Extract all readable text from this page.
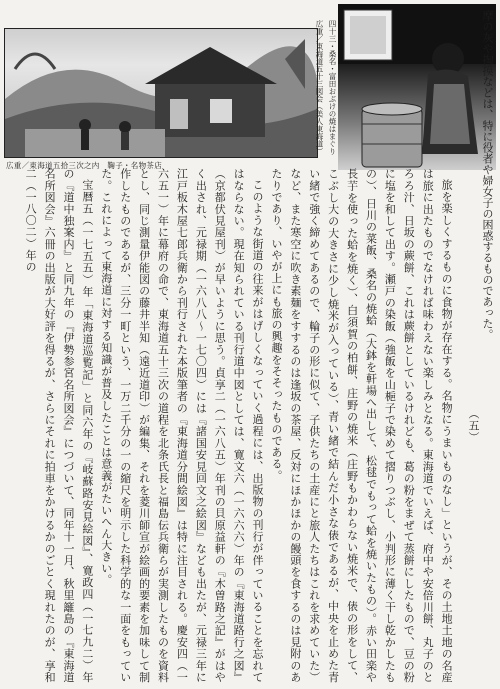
広重／東海道五拾三次之内　鞠子・名物茶店
広重／東海道五十三図会（美人東海道） 四十三・桑名・富田おぶけの焼はまぐり	摩の灰や掏摸などは、特に役者や婦女子の困惑するものであった。

（五）

旅を楽しくするものに食物が存在する。名物にうまいものなし」というが、その土地土地の名産は旅に出たものでなければ味わえない楽しみとなる。東海道でいえば、府中や安倍川餅、丸子のとろろ汁、日坂の蕨餅、これは蕨餅としているけれども、葛の粉をまぜて蒸餅にしたもので、豆の粉に塩を和して出す。瀬戸の染飯（強飯を山梔子で染めて摺りつぶし、小判形に薄く干し乾かしたもの）、日川の菜飯、桑名の焼蛤（大鉢を軒場へ出して、松毬でもって蛤を焼いたもの）。赤い田楽や長芋を使った蛤を焼く）、白須賀の柏餅、庄野の焼米（庄野もかわらない焼米で、俵の形をして、こぶし大の大きさに少し焼米が入っている）、青い緒で結んだ小さな俵であるが、中央を止めた青い緒で強く締めてあるので、輪子の形に似て、子供たちの土産にと旅人たちはこれを求めていた）など、また寒空に吹き素麺をすするのは逢坂の茶屋、反対にほかほかの饅頭を食するのは見附のあたりであり、いやが上にも旅の興趣をそそったものである。

このような街道の往来がはげしくなっていく過程には、出版物の刊行が伴っていることを忘れてはならない。現在知られている刊行道中図としては、寛文六（一六六六）年の『東海道路行之図』（京都伏見屋刊）が早いように思う。貞享二（一六八五）年刊の貝原益軒の『木曽路之記』がはやく出され、元禄期（一六八八～一七〇四）には『諸国安見回文之絵図』なども出たが、元禄三年に江戸板木屋七郎兵衛から刊行された本版筆者の『東海道分間絵図』は特に注目される。慶安四（一六五一）年に幕府の命で、東海道五十三次の道程を北条氏長と福島伝兵衛らが実測したものを資料とし、同じ測量伊能図の藤井半知（遠近道印）が編集、それを菱川師宣が絵画的要素を加味して制作したものであるが、三分一町という、一万二千分の一の縮尺を明示した科学的な一面をもっていた。これによって東海道に対する知識が普及したことは意義がたいへん大きい。

宝暦五（一七五五）年「東海道巡覧記」と同六年の『岐蘇路安見絵図』、寛政四（一七九二）年の『道中独案内』と同九年の『伊勢参宮名所図会』につづいて、同年十一月、秋里籬島の『東海道名所図会』六冊の出版が大好評を得るが、さらにそれに拍車をかけるかのごとく現れたのが、享和二（一八〇二）年の
